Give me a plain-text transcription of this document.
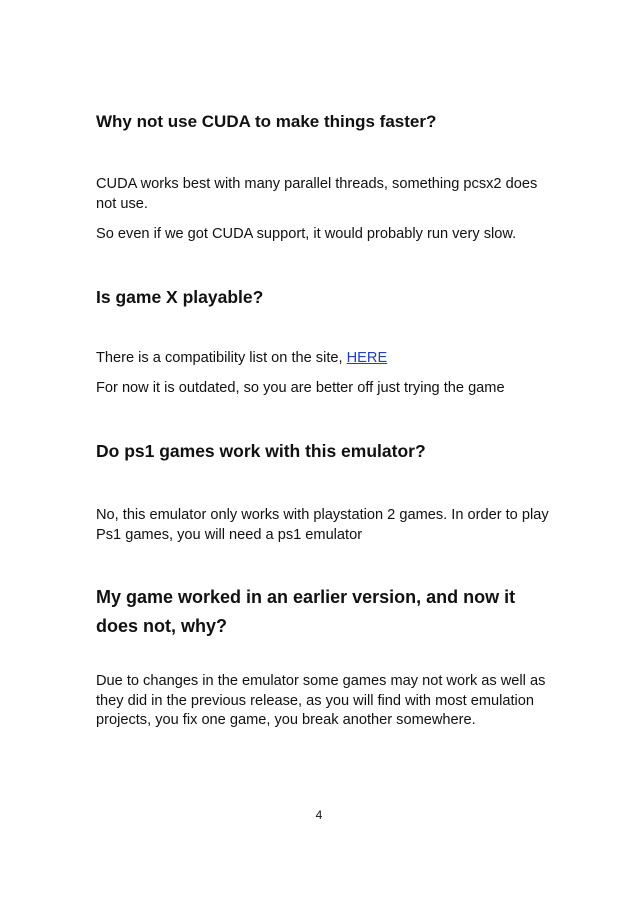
Why not use CUDA to make things faster?

CUDA works best with many parallel threads, something pcsx2 does not use.

So even if we got CUDA support, it would probably run very slow.

Is game X playable?

There is a compatibility list on the site, HERE

For now it is outdated, so you are better off just trying the game

Do ps1 games work with this emulator?

No, this emulator only works with playstation 2 games. In order to play Ps1 games, you will need a ps1 emulator

My game worked in an earlier version, and now it does not, why?

Due to changes in the emulator some games may not work as well as they did in the previous release, as you will find with most emulation projects, you fix one game, you break another somewhere.

4
